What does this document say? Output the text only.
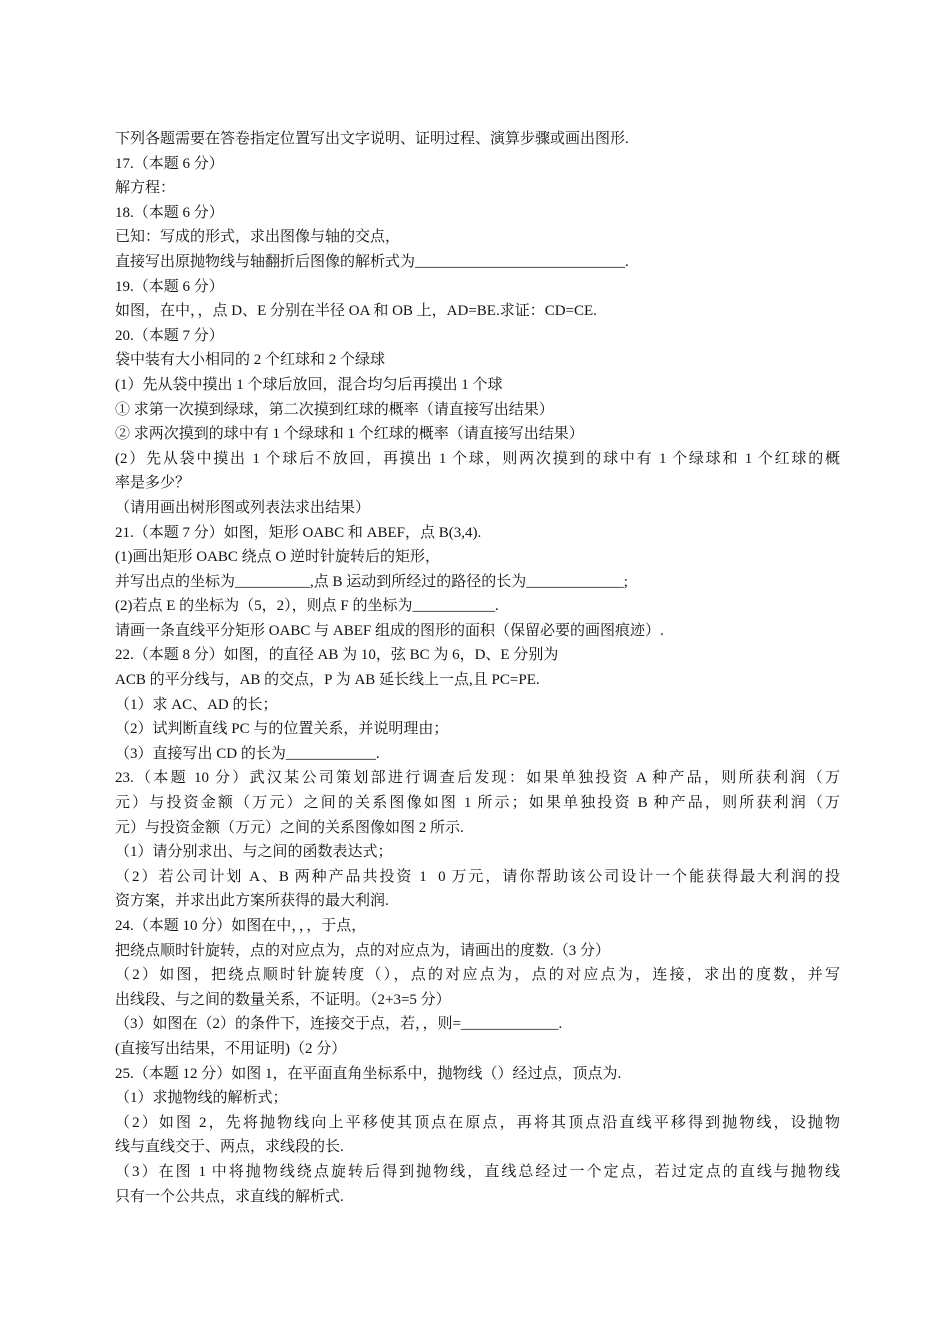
下列各题需要在答卷指定位置写出文字说明、证明过程、演算步骤或画出图形.
17.（本题 6 分）
解方程：
18.（本题 6 分）
已知：写成的形式，求出图像与轴的交点，
直接写出原抛物线与轴翻折后图像的解析式为____________________________.
19.（本题 6 分）
如图，在中，，点 D、E 分别在半径 OA 和 OB 上，AD=BE.求证：CD=CE.
20.（本题 7 分）
袋中装有大小相同的 2 个红球和 2 个绿球
(1）先从袋中摸出 1 个球后放回，混合均匀后再摸出 1 个球
① 求第一次摸到绿球，第二次摸到红球的概率（请直接写出结果）
② 求两次摸到的球中有 1 个绿球和 1 个红球的概率（请直接写出结果）
(2）先从袋中摸出 1 个球后不放回，再摸出 1 个球，则两次摸到的球中有 1 个绿球和 1 个红球的概
率是多少？
（请用画出树形图或列表法求出结果）
21.（本题 7 分）如图，矩形 OABC 和 ABEF，点 B(3,4).
(1)画出矩形 OABC 绕点 O 逆时针旋转后的矩形，
并写出点的坐标为__________,点 B 运动到所经过的路径的长为_____________;
(2)若点 E 的坐标为（5，2），则点 F 的坐标为___________.
请画一条直线平分矩形 OABC 与 ABEF 组成的图形的面积（保留必要的画图痕迹）.
22.（本题 8 分）如图，的直径 AB 为 10，弦 BC 为 6，D、E 分别为
ACB 的平分线与，AB 的交点，P 为 AB 延长线上一点,且 PC=PE.
（1）求 AC、AD 的长；
（2）试判断直线 PC 与的位置关系，并说明理由；
（3）直接写出 CD 的长为____________.
23.（本题 10 分）武汉某公司策划部进行调查后发现：如果单独投资 A 种产品，则所获利润（万
元）与投资金额（万元）之间的关系图像如图 1 所示；如果单独投资 B 种产品，则所获利润（万
元）与投资金额（万元）之间的关系图像如图 2 所示.
（1）请分别求出、与之间的函数表达式；
（2）若公司计划 A、B 两种产品共投资 1  0 万元，请你帮助该公司设计一个能获得最大利润的投
资方案，并求出此方案所获得的最大利润.
24.（本题 10 分）如图在中，，，于点，
把绕点顺时针旋转，点的对应点为，点的对应点为，请画出的度数.（3 分）
（2）如图，把绕点顺时针旋转度（），点的对应点为，点的对应点为，连接，求出的度数，并写
出线段、与之间的数量关系，不证明。（2+3=5 分）
（3）如图在（2）的条件下，连接交于点，若，，则=_____________.
(直接写出结果，不用证明)（2 分）
25.（本题 12 分）如图 1，在平面直角坐标系中，抛物线（）经过点，顶点为.
（1）求抛物线的解析式；
（2）如图 2，先将抛物线向上平移使其顶点在原点，再将其顶点沿直线平移得到抛物线，设抛物
线与直线交于、两点，求线段的长.
（3）在图 1 中将抛物线绕点旋转后得到抛物线，直线总经过一个定点，若过定点的直线与抛物线
只有一个公共点，求直线的解析式.
